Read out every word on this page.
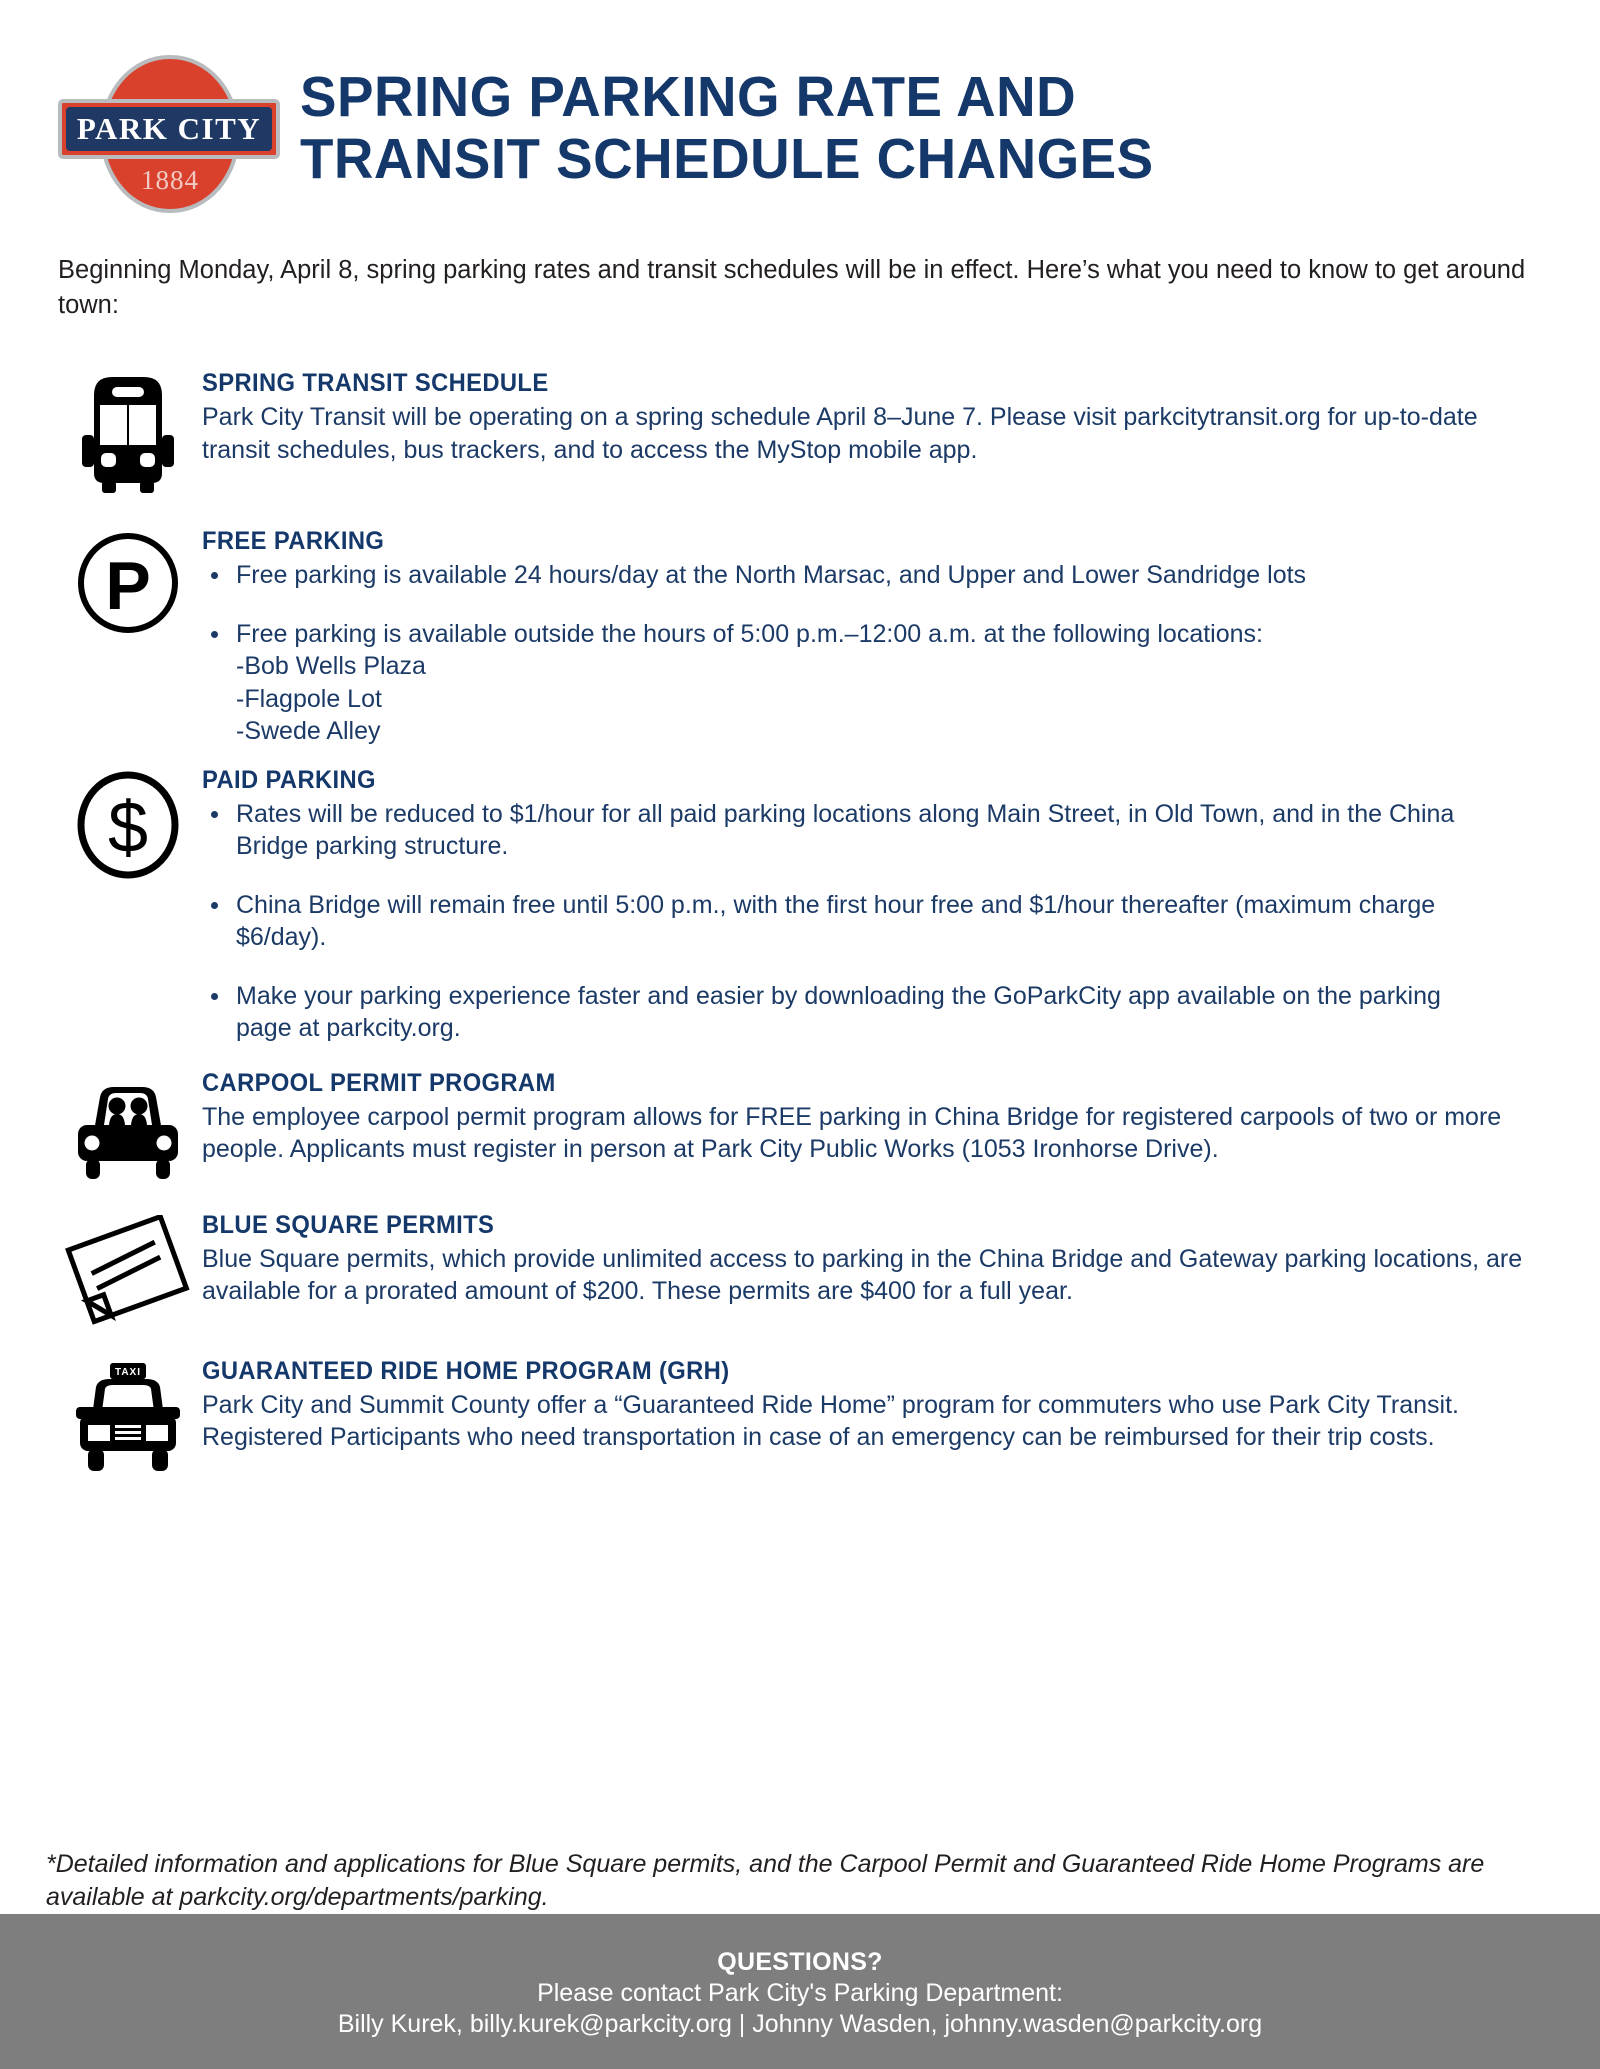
PARK CITY
1884
SPRING PARKING RATE AND
TRANSIT SCHEDULE CHANGES

Beginning Monday, April 8, spring parking rates and transit schedules will be in effect. Here’s what you need to know to get around town:

SPRING TRANSIT SCHEDULE
Park City Transit will be operating on a spring schedule April 8–June 7. Please visit parkcitytransit.org for up-to-date transit schedules, bus trackers, and to access the MyStop mobile app.
P
FREE PARKING
Free parking is available 24 hours/day at the North Marsac, and Upper and Lower Sandridge lots
Free parking is available outside the hours of 5:00 p.m.–12:00 a.m. at the following locations:
-Bob Wells Plaza
-Flagpole Lot
-Swede Alley
$
PAID PARKING
Rates will be reduced to $1/hour for all paid parking locations along Main Street, in Old Town, and in the China Bridge parking structure.
China Bridge will remain free until 5:00 p.m., with the first hour free and $1/hour thereafter (maximum charge $6/day).
Make your parking experience faster and easier by downloading the GoParkCity app available on the parking page at parkcity.org.
CARPOOL PERMIT PROGRAM
The employee carpool permit program allows for FREE parking in China Bridge for registered carpools of two or more people. Applicants must register in person at Park City Public Works (1053 Ironhorse Drive).
BLUE SQUARE PERMITS
Blue Square permits, which provide unlimited access to parking in the China Bridge and Gateway parking locations, are available for a prorated amount of $200. These permits are $400 for a full year.
TAXI GUARANTEED RIDE HOME PROGRAM (GRH)
Park City and Summit County offer a “Guaranteed Ride Home” program for commuters who use Park City Transit. Registered Participants who need transportation in case of an emergency can be reimbursed for their trip costs.

*Detailed information and applications for Blue Square permits, and the Carpool Permit and Guaranteed Ride Home Programs are available at parkcity.org/departments/parking.

QUESTIONS?
Please contact Park City's Parking Department:
Billy Kurek, billy.kurek@parkcity.org | Johnny Wasden, johnny.wasden@parkcity.org
